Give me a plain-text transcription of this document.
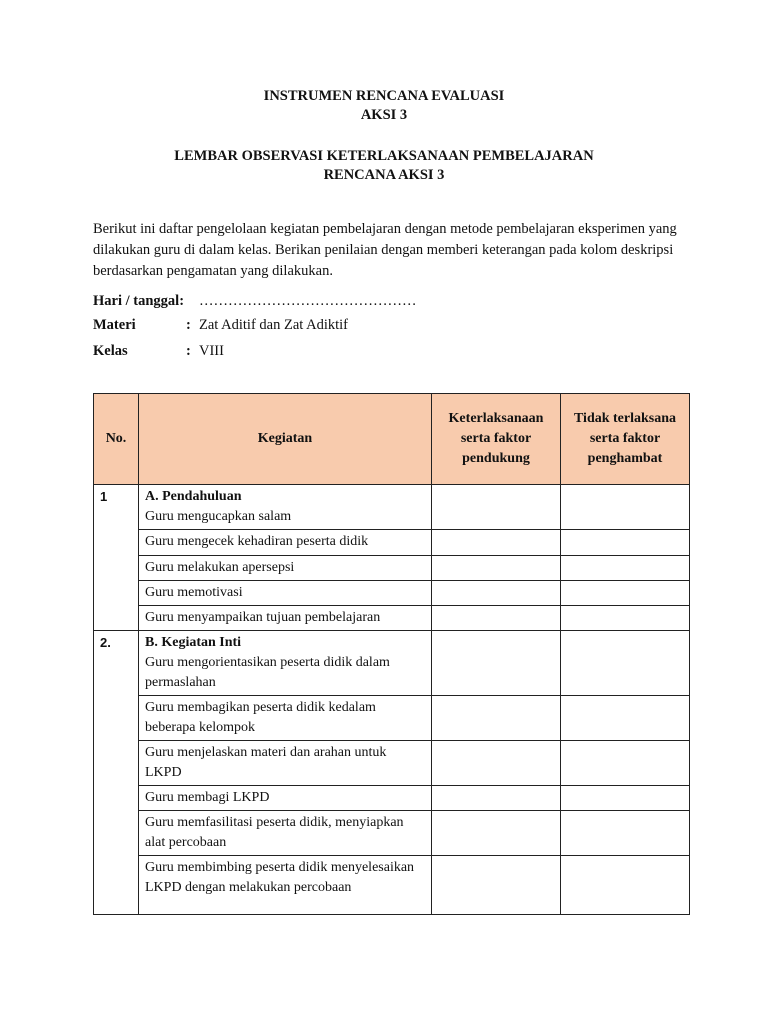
INSTRUMEN RENCANA EVALUASI
AKSI 3
LEMBAR OBSERVASI KETERLAKSANAAN PEMBELAJARAN
RENCANA AKSI 3
Berikut ini daftar pengelolaan kegiatan pembelajaran dengan metode pembelajaran eksperimen yang dilakukan guru di dalam kelas. Berikan penilaian dengan memberi keterangan pada kolom deskripsi berdasarkan pengamatan yang dilakukan.
Hari / tanggal: ………………………………………
Materi	: Zat Aditif dan Zat Adiktif
Kelas	: VIII
No.	Kegiatan	Keterlaksanaan serta faktor pendukung	Tidak terlaksana serta faktor penghambat
1	A. Pendahuluan
Guru mengucapkan salam		

	Guru mengecek kehadiran peserta didik		
	Guru melakukan apersepsi		
	Guru memotivasi		
	Guru menyampaikan tujuan pembelajaran		
2.	B. Kegiatan Inti
Guru mengorientasikan peserta didik dalam permaslahan		

	Guru membagikan peserta didik kedalam beberapa kelompok		
	Guru menjelaskan materi dan arahan untuk LKPD		
	Guru membagi LKPD		
	Guru memfasilitasi peserta didik, menyiapkan alat percobaan		
	Guru membimbing peserta didik menyelesaikan LKPD dengan melakukan percobaan		
